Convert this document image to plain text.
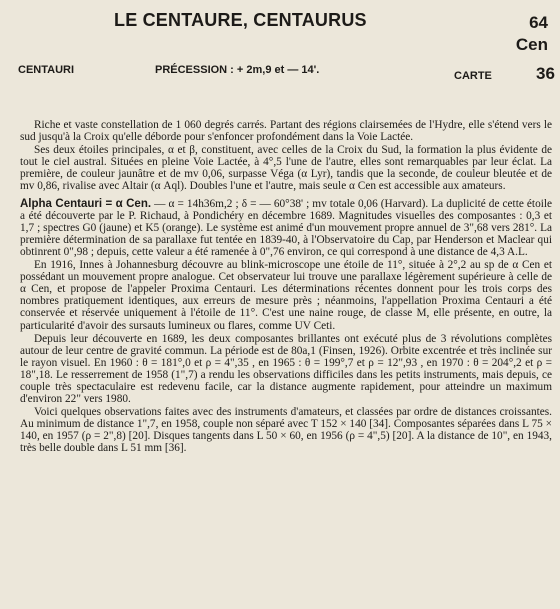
LE CENTAURE, CENTAURUS	64
Cen
CENTAURI	PRÉCESSION : + 2m,9 et — 14'.	CARTE	36

Riche et vaste constellation de 1 060 degrés carrés. Partant des régions clairsemées de l'Hydre, elle s'étend vers le sud jusqu'à la Croix qu'elle déborde pour s'enfoncer profondément dans la Voie Lactée.

Ses deux étoiles principales, α et β, constituent, avec celles de la Croix du Sud, la formation la plus évidente de tout le ciel austral. Situées en pleine Voie Lactée, à 4°,5 l'une de l'autre, elles sont remarquables par leur éclat. La première, de couleur jaunâtre et de mv 0,06, surpasse Véga (α Lyr), tandis que la seconde, de couleur bleutée et de mv 0,86, rivalise avec Altair (α Aql). Doubles l'une et l'autre, mais seule α Cen est accessible aux amateurs.

Alpha Centauri = α Cen. — α = 14h36m,2 ; δ = — 60°38' ; mv totale 0,06 (Harvard). La duplicité de cette étoile a été découverte par le P. Richaud, à Pondichéry en décembre 1689. Magnitudes visuelles des composantes : 0,3 et 1,7 ; spectres G0 (jaune) et K5 (orange). Le système est animé d'un mouvement propre annuel de 3",68 vers 281°. La première détermination de sa parallaxe fut tentée en 1839-40, à l'Observatoire du Cap, par Henderson et Maclear qui obtinrent 0",98 ; depuis, cette valeur a été ramenée à 0",76 environ, ce qui correspond à une distance de 4,3 A.L.

En 1916, Innes à Johannesburg découvre au blink-microscope une étoile de 11°, située à 2°,2 au sp de α Cen et possédant un mouvement propre analogue. Cet observateur lui trouve une parallaxe légèrement supérieure à celle de α Cen, et propose de l'appeler Proxima Centauri. Les déterminations récentes donnent pour les trois corps des nombres pratiquement identiques, aux erreurs de mesure près ; néanmoins, l'appellation Proxima Centauri a été conservée et réservée uniquement à l'étoile de 11°. C'est une naine rouge, de classe M, elle présente, en outre, la particularité d'avoir des sursauts lumineux ou flares, comme UV Ceti.

Depuis leur découverte en 1689, les deux composantes brillantes ont exécuté plus de 3 révolutions complètes autour de leur centre de gravité commun. La période est de 80a,1 (Finsen, 1926). Orbite excentrée et très inclinée sur le rayon visuel. En 1960 : θ = 181°,0 et ρ = 4",35 , en 1965 : θ = 199°,7 et ρ = 12",93 , en 1970 : θ = 204°,2 et ρ = 18",18. Le resserrement de 1958 (1",7) a rendu les observations difficiles dans les petits instruments, mais depuis, ce couple très spectaculaire est redevenu facile, car la distance augmente rapidement, pour atteindre un maximum d'environ 22" vers 1980.

Voici quelques observations faites avec des instruments d'amateurs, et classées par ordre de distances croissantes. Au minimum de distance 1",7, en 1958, couple non séparé avec T 152 × 140 [34]. Composantes séparées dans L 75 × 140, en 1957 (ρ = 2",8) [20]. Disques tangents dans L 50 × 60, en 1956 (ρ = 4",5) [20]. A la distance de 10", en 1943, très belle double dans L 51 mm [36].
